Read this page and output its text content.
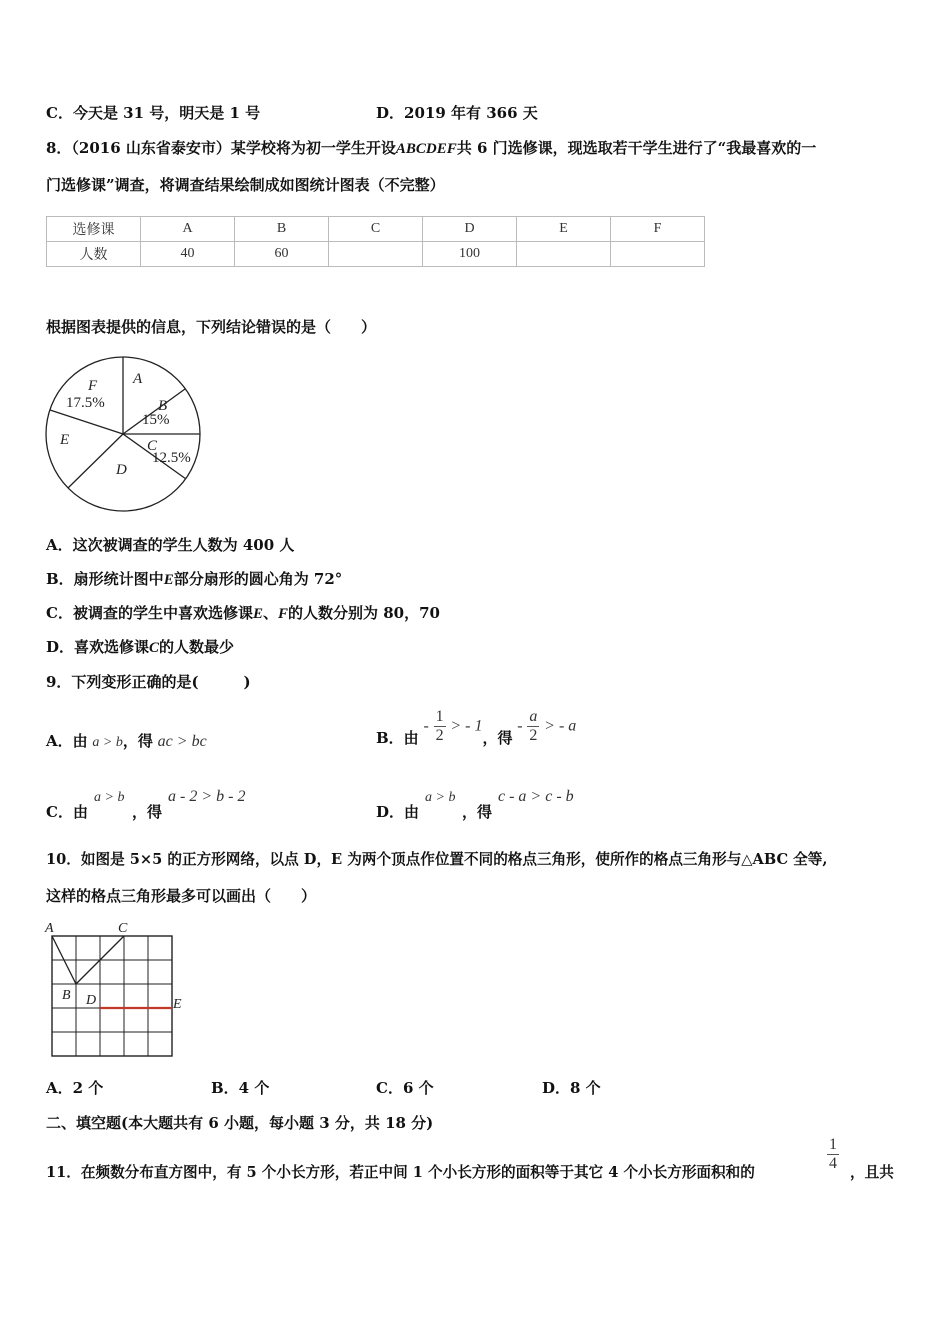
C．今天是 31 号，明天是 1 号	D．2019 年有 366 天
8．（2016 山东省泰安市）某学校将为初一学生开设ABCDEF共 6 门选修课，现选取若干学生进行了“我最喜欢的一
门选修课”调查，将调查结果绘制成如图统计图表（不完整）
选修课	A	B	C	D	E	F
人数	40	60		100		
根据图表提供的信息，下列结论错误的是（　　）
A
B
15%
C
12.5%
D
E
F
17.5%
A．这次被调查的学生人数为 400 人
B．扇形统计图中E部分扇形的圆心角为 72°
C．被调查的学生中喜欢选修课E、F的人数分别为 80，70
D．喜欢选修课C的人数最少
9．下列变形正确的是(　　　)
A．由 a > b，得 ac > bc	B．由 - $\frac{1}{2}$ > - 1，得 - $\frac{a}{2}$ > - a
C．由
a > b
，得
a - 2 > b - 2
D．由
a > b
，得
c - a > c - b
10．如图是 5×5 的正方形网络，以点 D，E 为两个顶点作位置不同的格点三角形，使所作的格点三角形与△ABC 全等,
这样的格点三角形最多可以画出（　　）
A	C
B D	E
A．2 个	B．4 个	C．6 个	D．8 个
二、填空题(本大题共有 6 小题，每小题 3 分，共 18 分)
11．在频数分布直方图中，有 5 个小长方形，若正中间 1 个小长方形的面积等于其它 4 个小长方形面积和的	$\frac{1}{4}$ ，且共
